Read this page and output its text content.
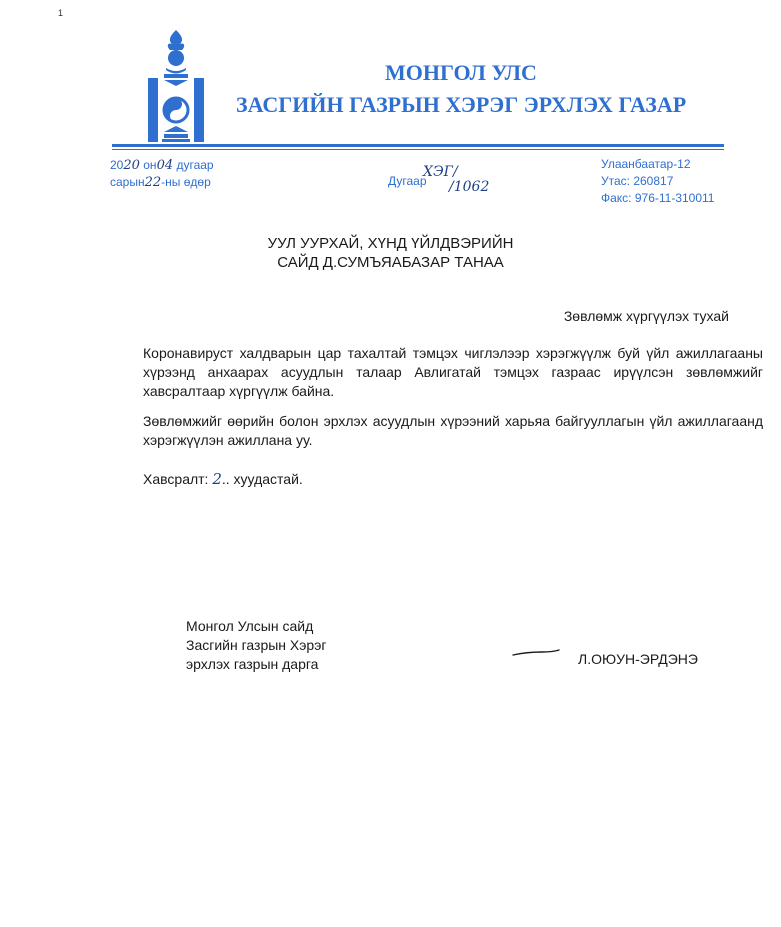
1
МОНГОЛ УЛС
ЗАСГИЙН ГАЗРЫН ХЭРЭГ ЭРХЛЭХ ГАЗАР
2020 он04 дугаар
сарын22-ны өдөр	Дугаар
ХЭГ/
/1062
Улаанбаатар-12
Утас: 260817
Факс: 976-11-310011
УУЛ УУРХАЙ, ХҮНД ҮЙЛДВЭРИЙН
САЙД Д.СУМЪЯАБАЗАР ТАНАА
Зөвлөмж хүргүүлэх тухай
Коронавируст халдварын цар тахалтай тэмцэх чиглэлээр хэрэгжүүлж буй үйл ажиллагааны хүрээнд анхаарах асуудлын талаар Авлигатай тэмцэх газраас ирүүлсэн зөвлөмжийг хавсралтаар хүргүүлж байна.
Зөвлөмжийг өөрийн болон эрхлэх асуудлын хүрээний харьяа байгууллагын үйл ажиллагаанд хэрэгжүүлэн ажиллана уу.
Хавсралт: 2.. хуудастай.
Монгол Улсын сайд
Засгийн газрын Хэрэг
эрхлэх газрын дарга	Л.ОЮУН-ЭРДЭНЭ
